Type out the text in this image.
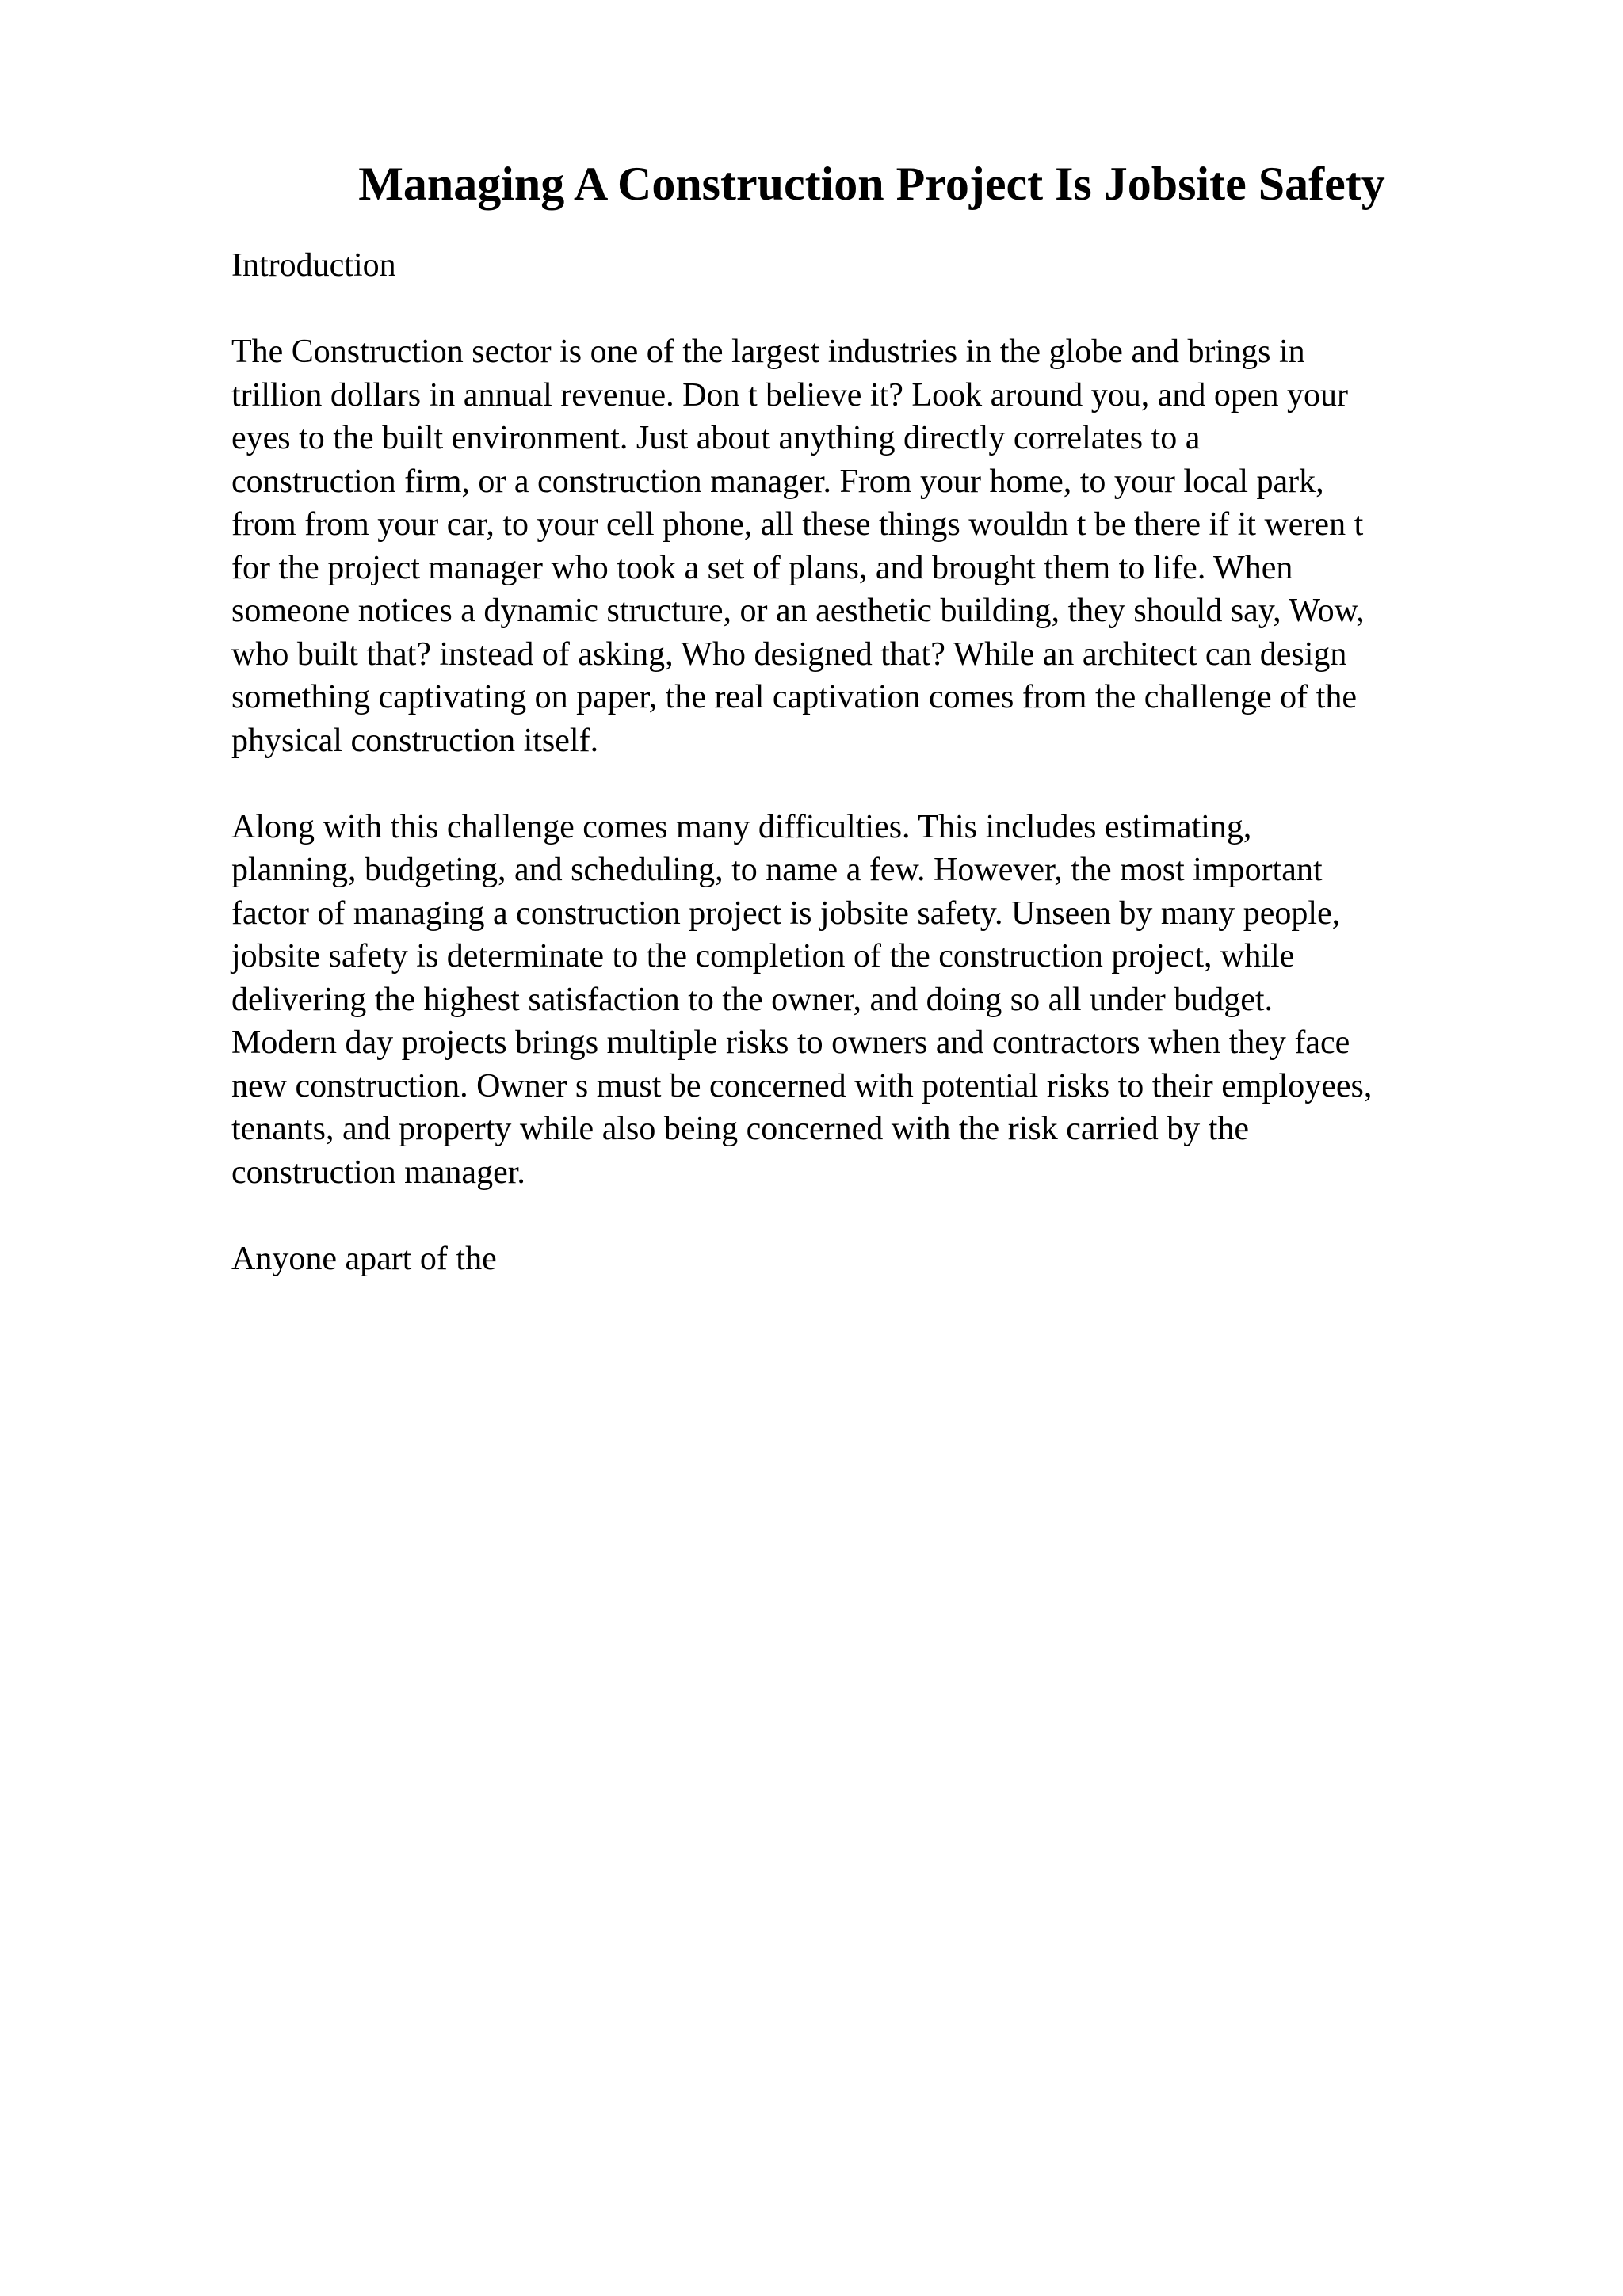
Managing A Construction Project Is Jobsite Safety
Introduction
The Construction sector is one of the largest industries in the globe and brings in
trillion dollars in annual revenue. Don t believe it? Look around you, and open your
eyes to the built environment. Just about anything directly correlates to a
construction firm, or a construction manager. From your home, to your local park,
from from your car, to your cell phone, all these things wouldn t be there if it weren t
for the project manager who took a set of plans, and brought them to life. When
someone notices a dynamic structure, or an aesthetic building, they should say, Wow,
who built that? instead of asking, Who designed that? While an architect can design
something captivating on paper, the real captivation comes from the challenge of the
physical construction itself.
Along with this challenge comes many difficulties. This includes estimating,
planning, budgeting, and scheduling, to name a few. However, the most important
factor of managing a construction project is jobsite safety. Unseen by many people,
jobsite safety is determinate to the completion of the construction project, while
delivering the highest satisfaction to the owner, and doing so all under budget.
Modern day projects brings multiple risks to owners and contractors when they face
new construction. Owner s must be concerned with potential risks to their employees,
tenants, and property while also being concerned with the risk carried by the
construction manager.
Anyone apart of the
